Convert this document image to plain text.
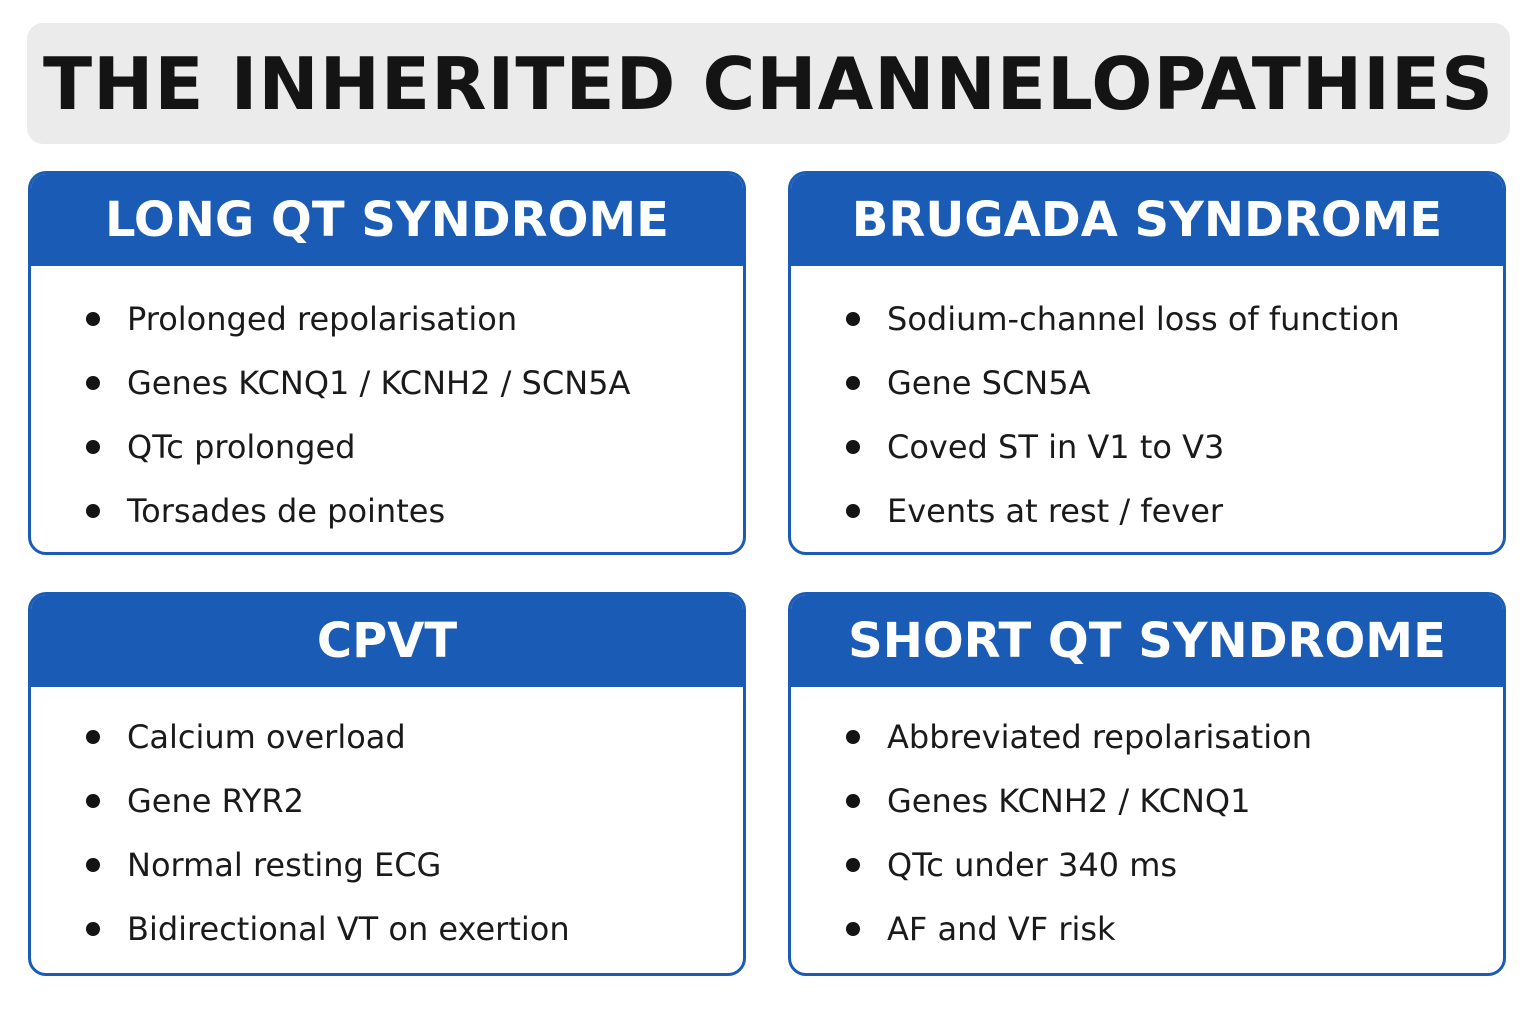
THE INHERITED CHANNELOPATHIES
LONG QT SYNDROME
Prolonged repolarisation
Genes KCNQ1 / KCNH2 / SCN5A
QTc prolonged
Torsades de pointes
BRUGADA SYNDROME
Sodium-channel loss of function
Gene SCN5A
Coved ST in V1 to V3
Events at rest / fever
CPVT
Calcium overload
Gene RYR2
Normal resting ECG
Bidirectional VT on exertion
SHORT QT SYNDROME
Abbreviated repolarisation
Genes KCNH2 / KCNQ1
QTc under 340 ms
AF and VF risk
